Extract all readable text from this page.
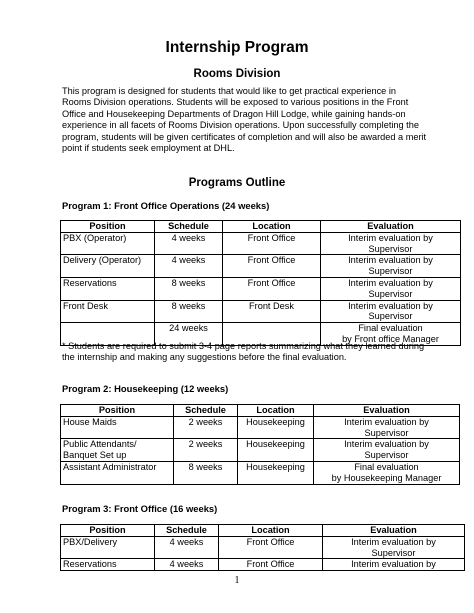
Internship Program
Rooms Division

This program is designed for students that would like to get practical experience in
Rooms Division operations. Students will be exposed to various positions in the Front
Office and Housekeeping Departments of Dragon Hill Lodge, while gaining hands-on
experience in all facets of Rooms Division operations. Upon successfully completing the
program, students will be given certificates of completion and will also be awarded a merit
point if students seek employment at DHL.

Programs Outline

Program 1: Front Office Operations (24 weeks)

Position	Schedule	Location	Evaluation
PBX (Operator)	4 weeks	Front Office	Interim evaluation by
Supervisor

Delivery (Operator)	4 weeks	Front Office	Interim evaluation by
Supervisor

Reservations	8 weeks	Front Office	Interim evaluation by
Supervisor

Front Desk	8 weeks	Front Desk	Interim evaluation by
Supervisor

	24 weeks		Final evaluation
by Front office Manager

* Students are required to submit 3-4 page reports summarizing what they learned during
the internship and making any suggestions before the final evaluation.

Program 2: Housekeeping (12 weeks)

Position	Schedule	Location	Evaluation

House Maids	2 weeks	Housekeeping	Interim evaluation by
Supervisor

Public Attendants/
Banquet Set up	2 weeks	Housekeeping	Interim evaluation by
Supervisor

Assistant Administrator	8 weeks	Housekeeping	Final evaluation
by Housekeeping Manager

Program 3: Front Office (16 weeks)

Position	Schedule	Location	Evaluation
PBX/Delivery	4 weeks	Front Office	Interim evaluation by
Supervisor

Reservations	4 weeks	Front Office	Interim evaluation by
1
